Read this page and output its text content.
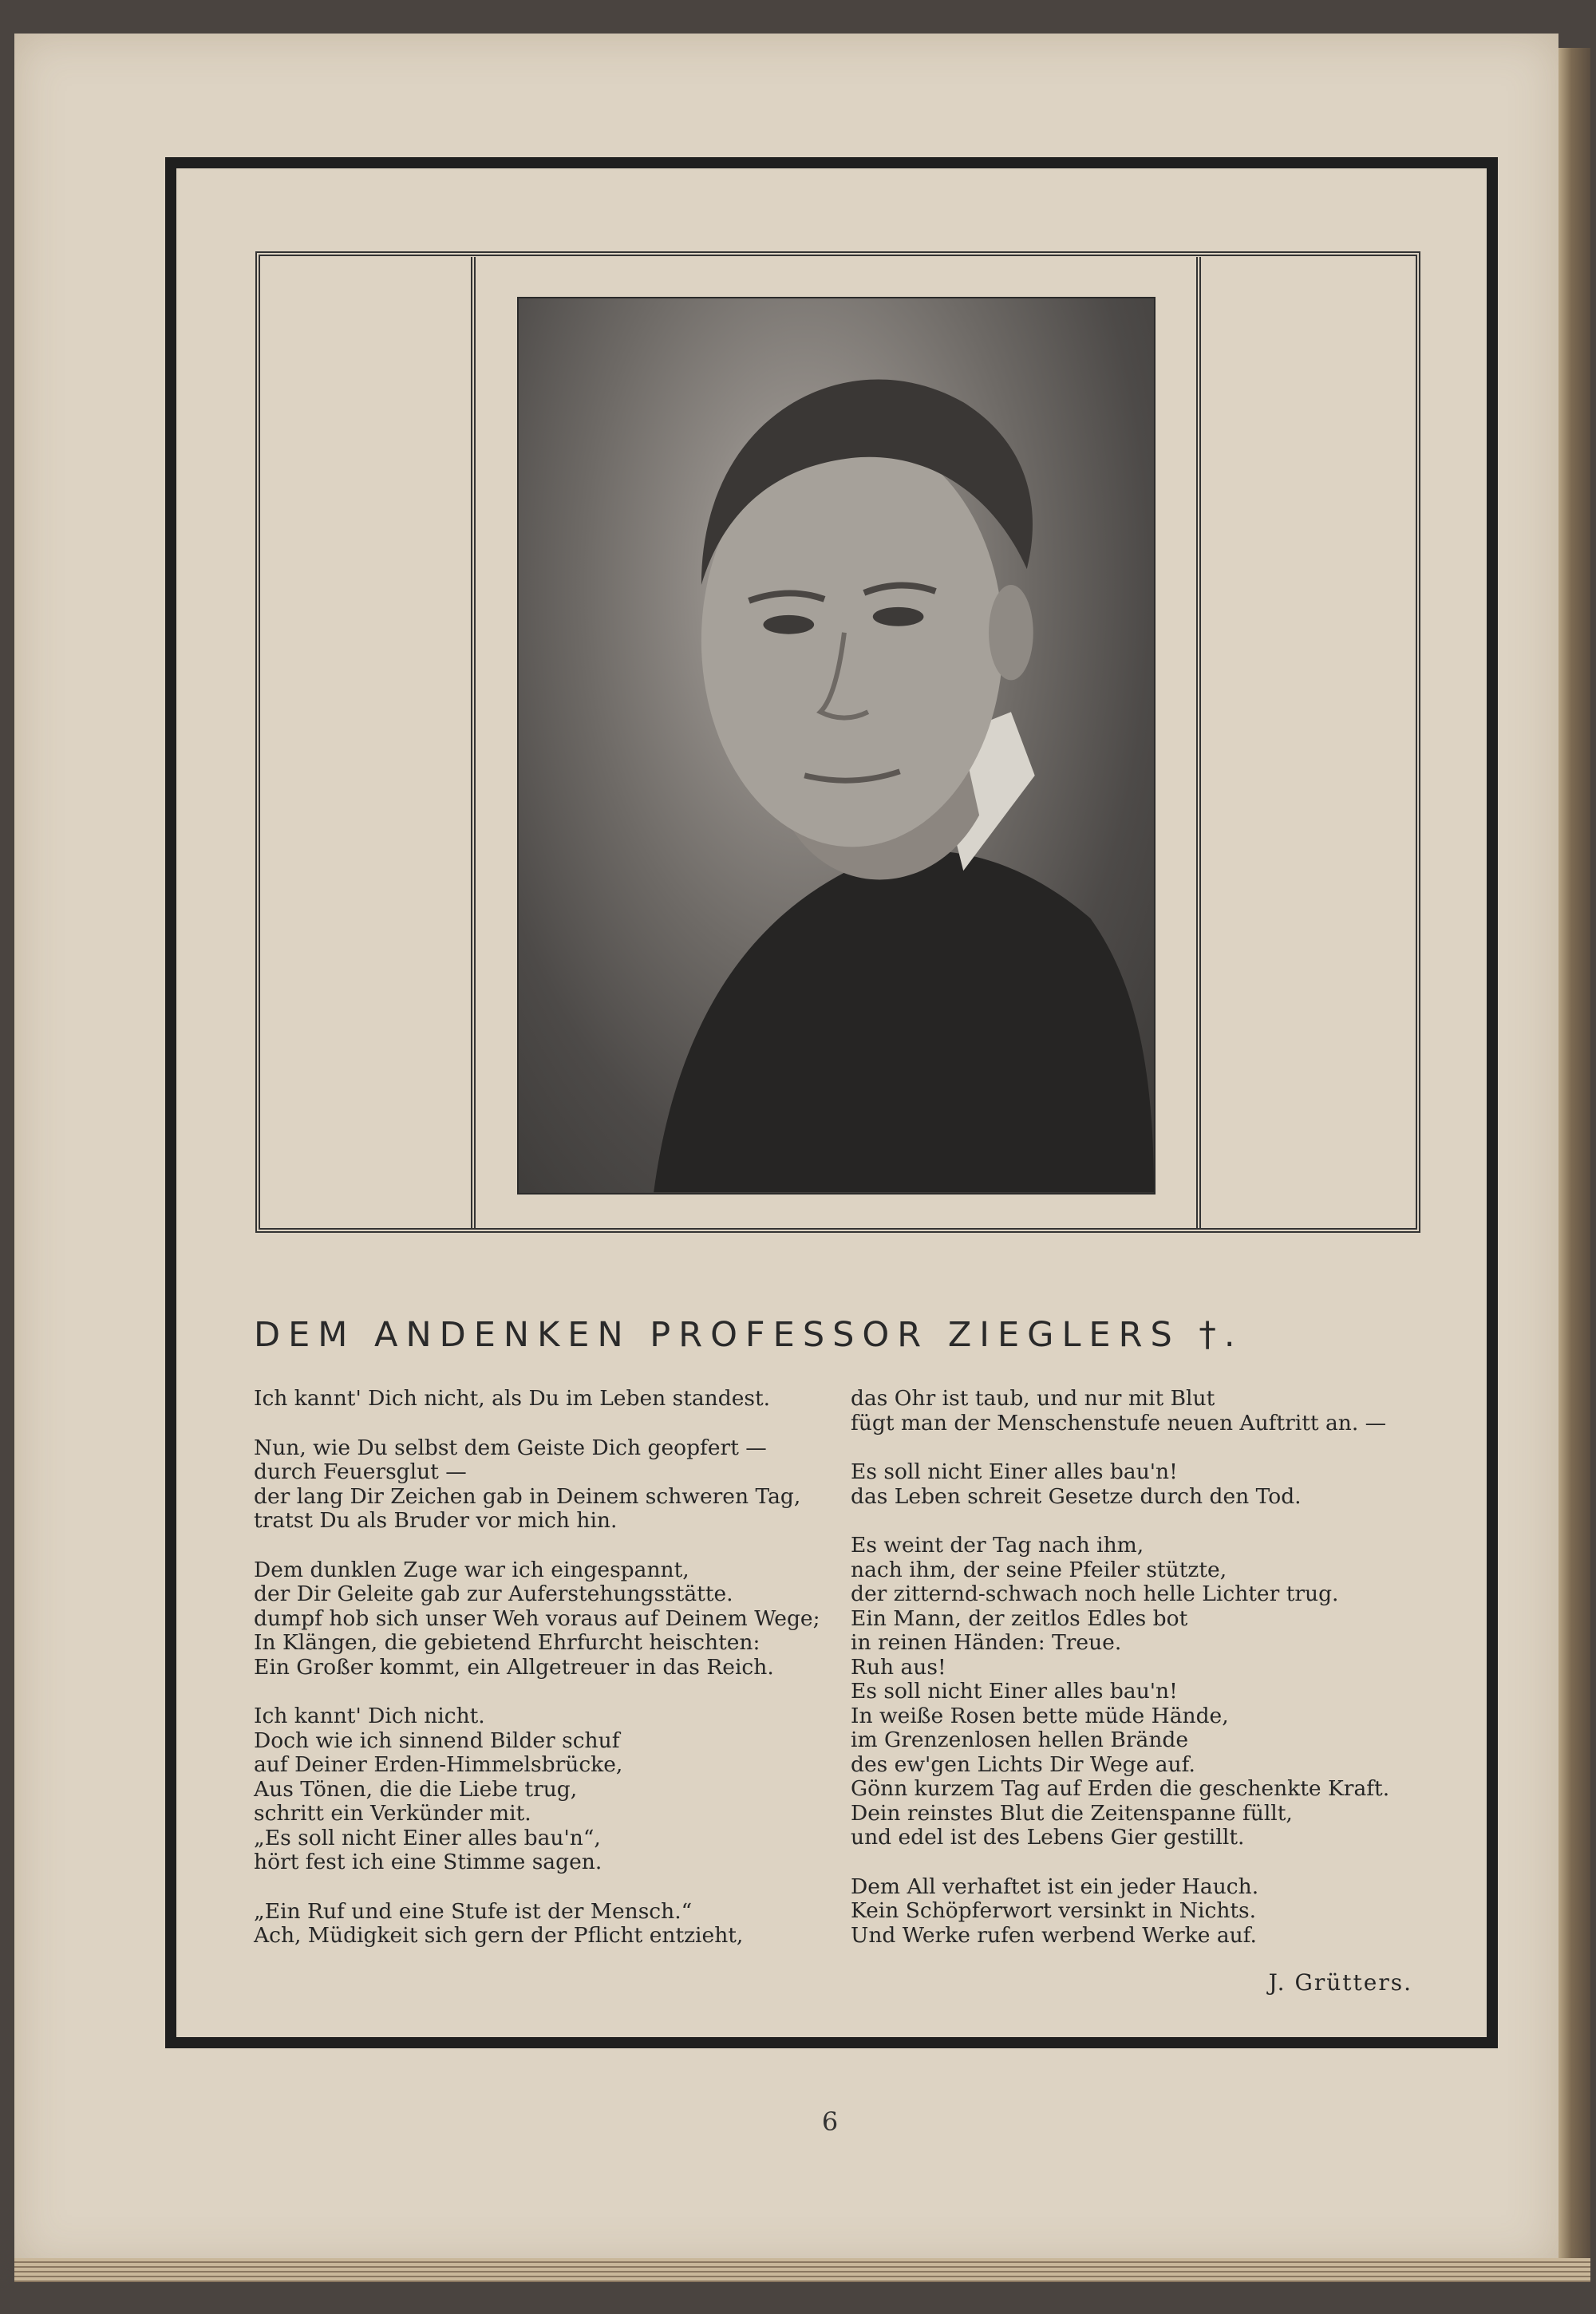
DEM ANDENKEN PROFESSOR ZIEGLERS †.

Ich kannt' Dich nicht, als Du im Leben standest.

Nun, wie Du selbst dem Geiste Dich geopfert —
durch Feuersglut —
der lang Dir Zeichen gab in Deinem schweren Tag,
tratst Du als Bruder vor mich hin.

Dem dunklen Zuge war ich eingespannt,
der Dir Geleite gab zur Auferstehungsstätte.
dumpf hob sich unser Weh voraus auf Deinem Wege;
In Klängen, die gebietend Ehrfurcht heischten:
Ein Großer kommt, ein Allgetreuer in das Reich.

Ich kannt' Dich nicht.
Doch wie ich sinnend Bilder schuf
auf Deiner Erden-Himmelsbrücke,
Aus Tönen, die die Liebe trug,
schritt ein Verkünder mit.
„Es soll nicht Einer alles bau'n“,
hört fest ich eine Stimme sagen.

„Ein Ruf und eine Stufe ist der Mensch.“
Ach, Müdigkeit sich gern der Pflicht entzieht,

das Ohr ist taub, und nur mit Blut
fügt man der Menschenstufe neuen Auftritt an. —

Es soll nicht Einer alles bau'n!
das Leben schreit Gesetze durch den Tod.

Es weint der Tag nach ihm,
nach ihm, der seine Pfeiler stützte,
der zitternd-schwach noch helle Lichter trug.
Ein Mann, der zeitlos Edles bot
in reinen Händen: Treue.
Ruh aus!
Es soll nicht Einer alles bau'n!
In weiße Rosen bette müde Hände,
im Grenzenlosen hellen Brände
des ew'gen Lichts Dir Wege auf.
Gönn kurzem Tag auf Erden die geschenkte Kraft.
Dein reinstes Blut die Zeitenspanne füllt,
und edel ist des Lebens Gier gestillt.

Dem All verhaftet ist ein jeder Hauch.
Kein Schöpferwort versinkt in Nichts.
Und Werke rufen werbend Werke auf.

J. Grütters.
6
